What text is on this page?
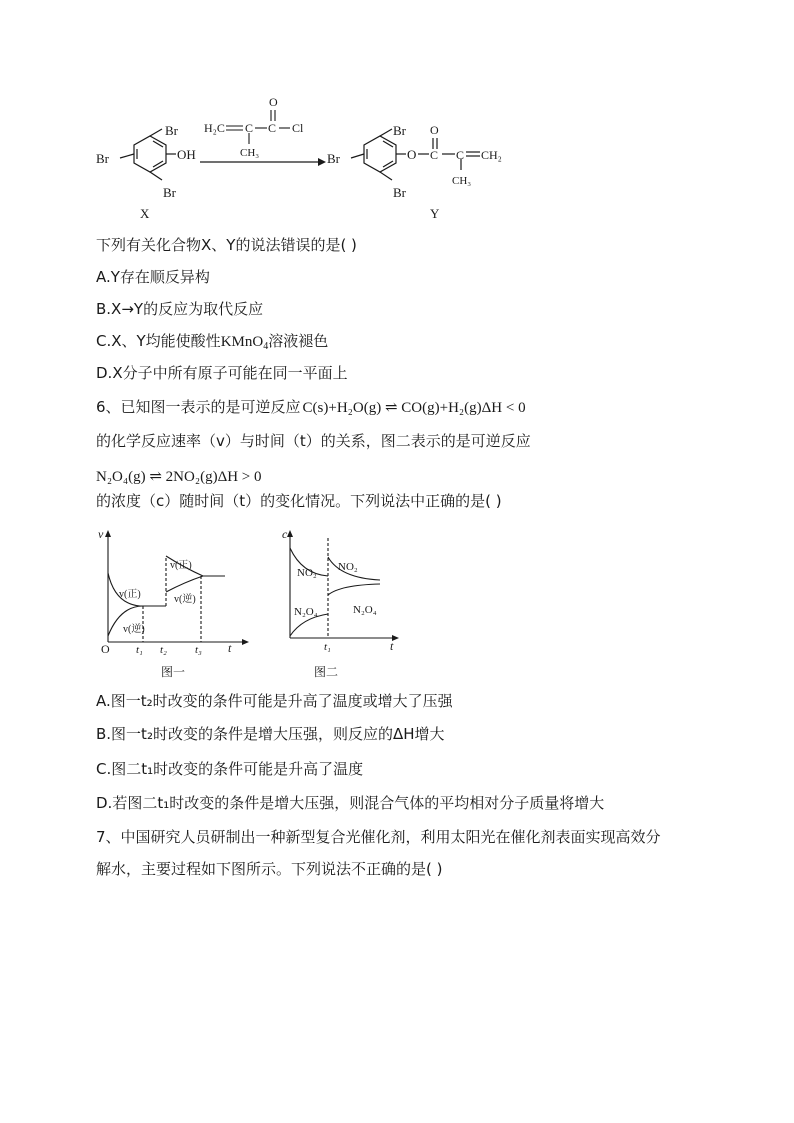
Br
OH
Br
Br
X
O
H₂C C C Cl
CH₃
Br
O
O
C C CH₂
CH₃
Br
Br
Y
下列有关化合物X、Y的说法错误的是( )
A.Y存在顺反异构
B.X→Y的反应为取代反应
C.X、Y均能使酸性KMnO$_4$溶液褪色
D.X分子中所有原子可能在同一平面上
6、已知图一表示的是可逆反应 C(s)+H₂O(g) ⇌ CO(g)+H₂(g)ΔH < 0
的化学反应速率（v）与时间（t）的关系，图二表示的是可逆反应
N₂O₄(g) ⇌ 2NO₂(g)ΔH > 0
的浓度（c）随时间（t）的变化情况。下列说法中正确的是( )
v
t
O t₁ t₂	t₃
v(正)
v(逆)
v(正)
v(逆)
图一
c
t
t₁
NO₂ NO₂
N₂O₄	N₂O₄
图二
A.图一t₂时改变的条件可能是升高了温度或增大了压强
B.图一t₂时改变的条件是增大压强，则反应的ΔH增大
C.图二t₁时改变的条件可能是升高了温度
D.若图二t₁时改变的条件是增大压强，则混合气体的平均相对分子质量将增大
7、中国研究人员研制出一种新型复合光催化剂，利用太阳光在催化剂表面实现高效分
解水，主要过程如下图所示。下列说法不正确的是( )
